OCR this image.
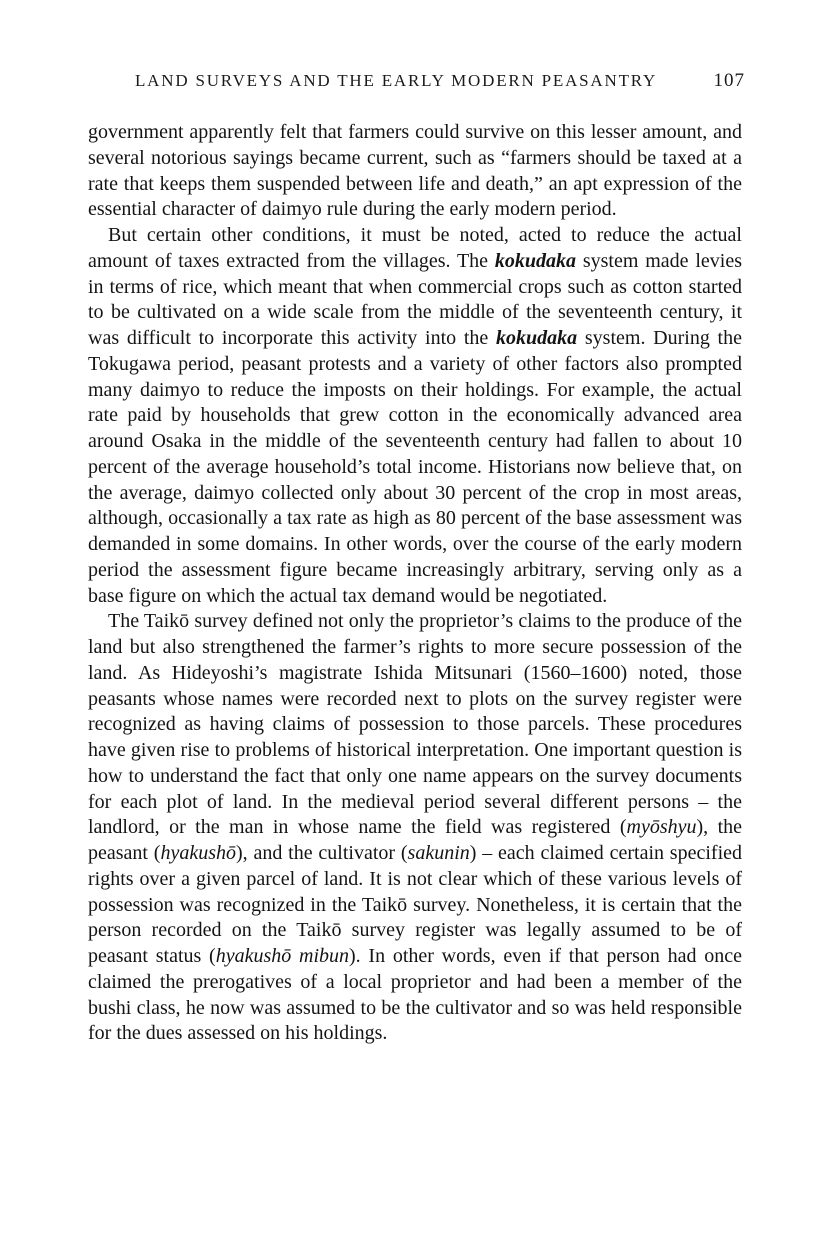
LAND SURVEYS AND THE EARLY MODERN PEASANTRY	107

government apparently felt that farmers could survive on this lesser amount, and several notorious sayings became current, such as “farmers should be taxed at a rate that keeps them suspended between life and death,” an apt expression of the essential character of daimyo rule during the early modern period.

But certain other conditions, it must be noted, acted to reduce the actual amount of taxes extracted from the villages. The kokudaka system made levies in terms of rice, which meant that when commercial crops such as cotton started to be cultivated on a wide scale from the middle of the seventeenth century, it was difficult to incorporate this activity into the kokudaka system. During the Tokugawa period, peasant protests and a variety of other factors also prompted many daimyo to reduce the imposts on their holdings. For example, the actual rate paid by households that grew cotton in the economically advanced area around Osaka in the middle of the seventeenth century had fallen to about 10 percent of the average household’s total income. Historians now believe that, on the average, daimyo collected only about 30 percent of the crop in most areas, although, occasionally a tax rate as high as 80 percent of the base assessment was demanded in some domains. In other words, over the course of the early modern period the assessment figure became increasingly arbitrary, serving only as a base figure on which the actual tax demand would be negotiated.

The Taikō survey defined not only the proprietor’s claims to the produce of the land but also strengthened the farmer’s rights to more secure possession of the land. As Hideyoshi’s magistrate Ishida Mitsunari (1560–1600) noted, those peasants whose names were recorded next to plots on the survey register were recognized as having claims of possession to those parcels. These procedures have given rise to problems of historical interpretation. One important question is how to understand the fact that only one name appears on the survey documents for each plot of land. In the medieval period several different persons – the landlord, or the man in whose name the field was registered (myōshyu), the peasant (hyakushō), and the cultivator (sakunin) – each claimed certain specified rights over a given parcel of land. It is not clear which of these various levels of possession was recognized in the Taikō survey. Nonetheless, it is certain that the person recorded on the Taikō survey register was legally assumed to be of peasant status (hyakushō mibun). In other words, even if that person had once claimed the prerogatives of a local proprietor and had been a member of the bushi class, he now was assumed to be the cultivator and so was held responsible for the dues assessed on his holdings.
